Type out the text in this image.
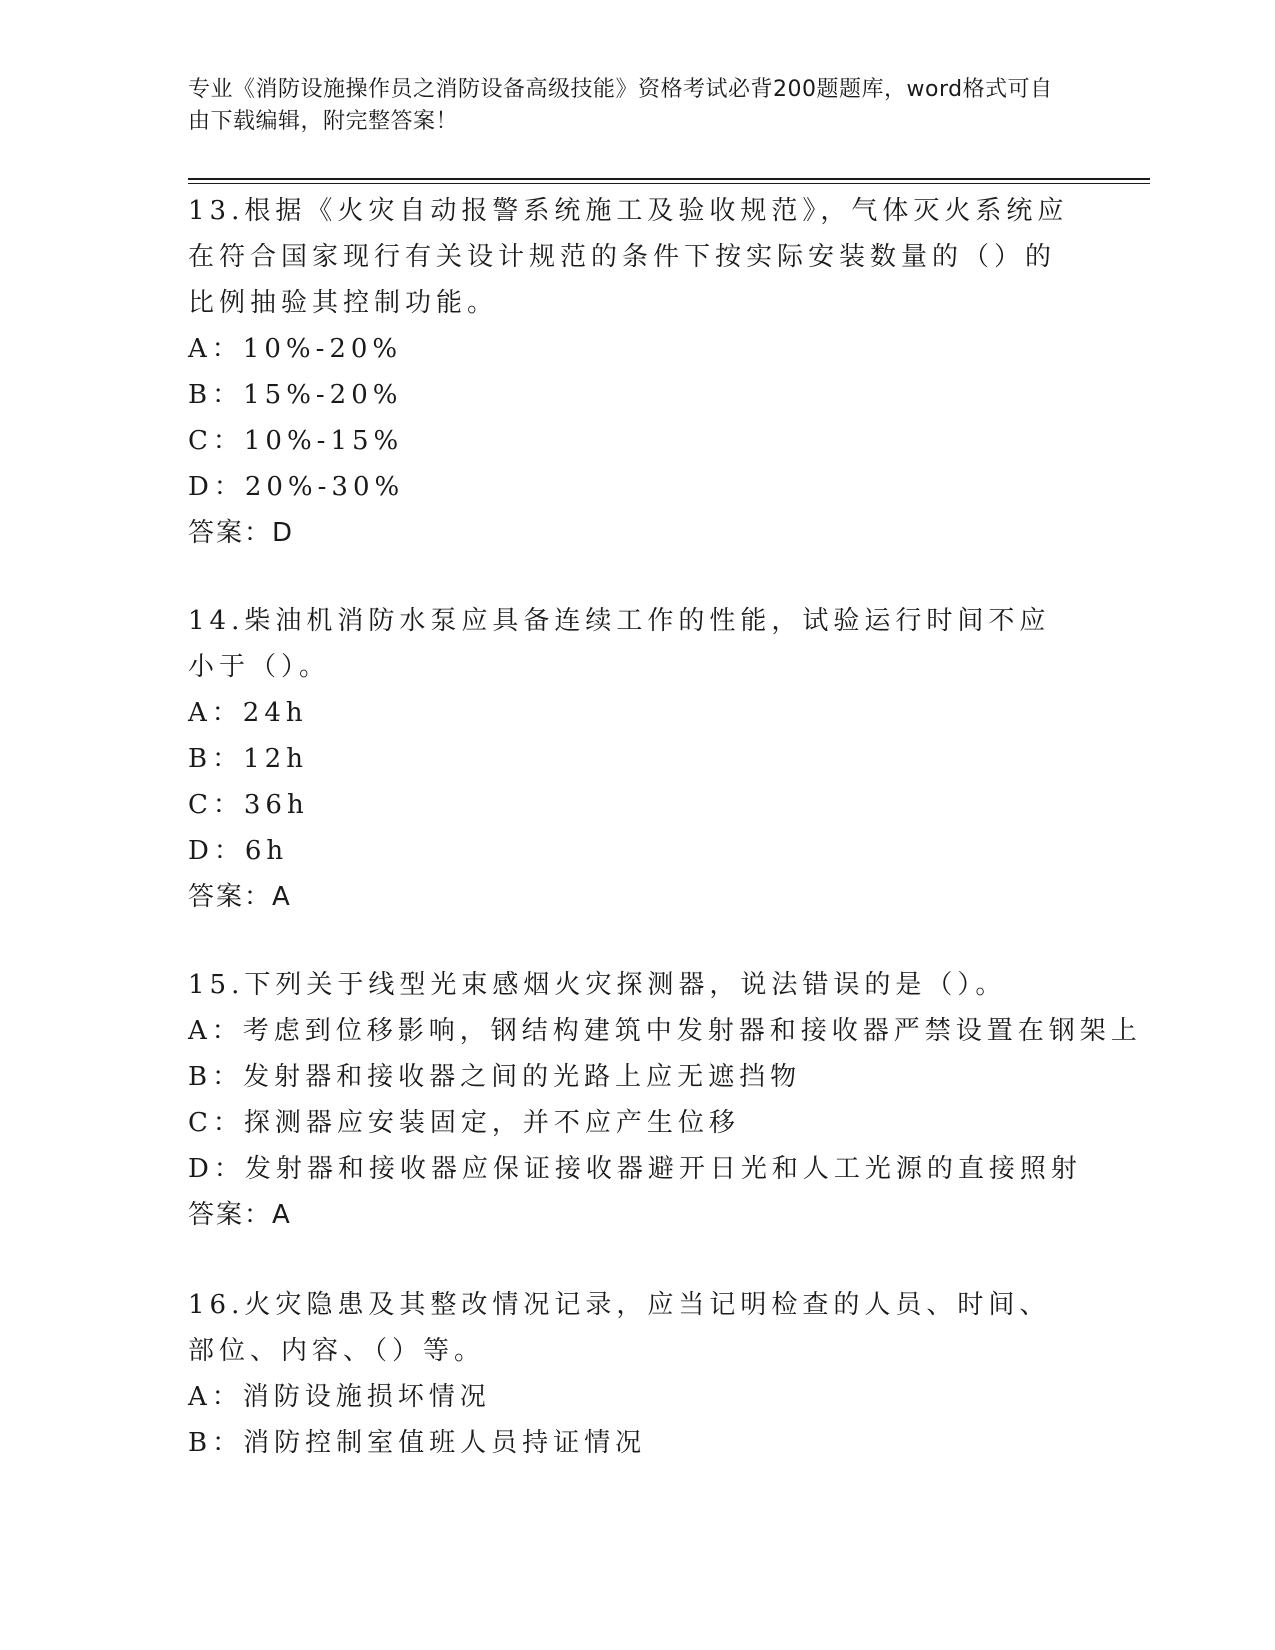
专业《消防设施操作员之消防设备高级技能》资格考试必背200题题库，word格式可自由下载编辑，附完整答案！
13.根据《火灾自动报警系统施工及验收规范》，气体灭火系统应在符合国家现行有关设计规范的条件下按实际安装数量的（）的比例抽验其控制功能。
A：10%-20%
B：15%-20%
C：10%-15%
D：20%-30%
答案：D
14.柴油机消防水泵应具备连续工作的性能，试验运行时间不应小于（）。
A：24h
B：12h
C：36h
D：6h
答案：A
15.下列关于线型光束感烟火灾探测器，说法错误的是（）。
A：考虑到位移影响，钢结构建筑中发射器和接收器严禁设置在钢架上
B：发射器和接收器之间的光路上应无遮挡物
C：探测器应安装固定，并不应产生位移
D：发射器和接收器应保证接收器避开日光和人工光源的直接照射
答案：A
16.火灾隐患及其整改情况记录，应当记明检查的人员、时间、部位、内容、（）等。
A：消防设施损坏情况
B：消防控制室值班人员持证情况
